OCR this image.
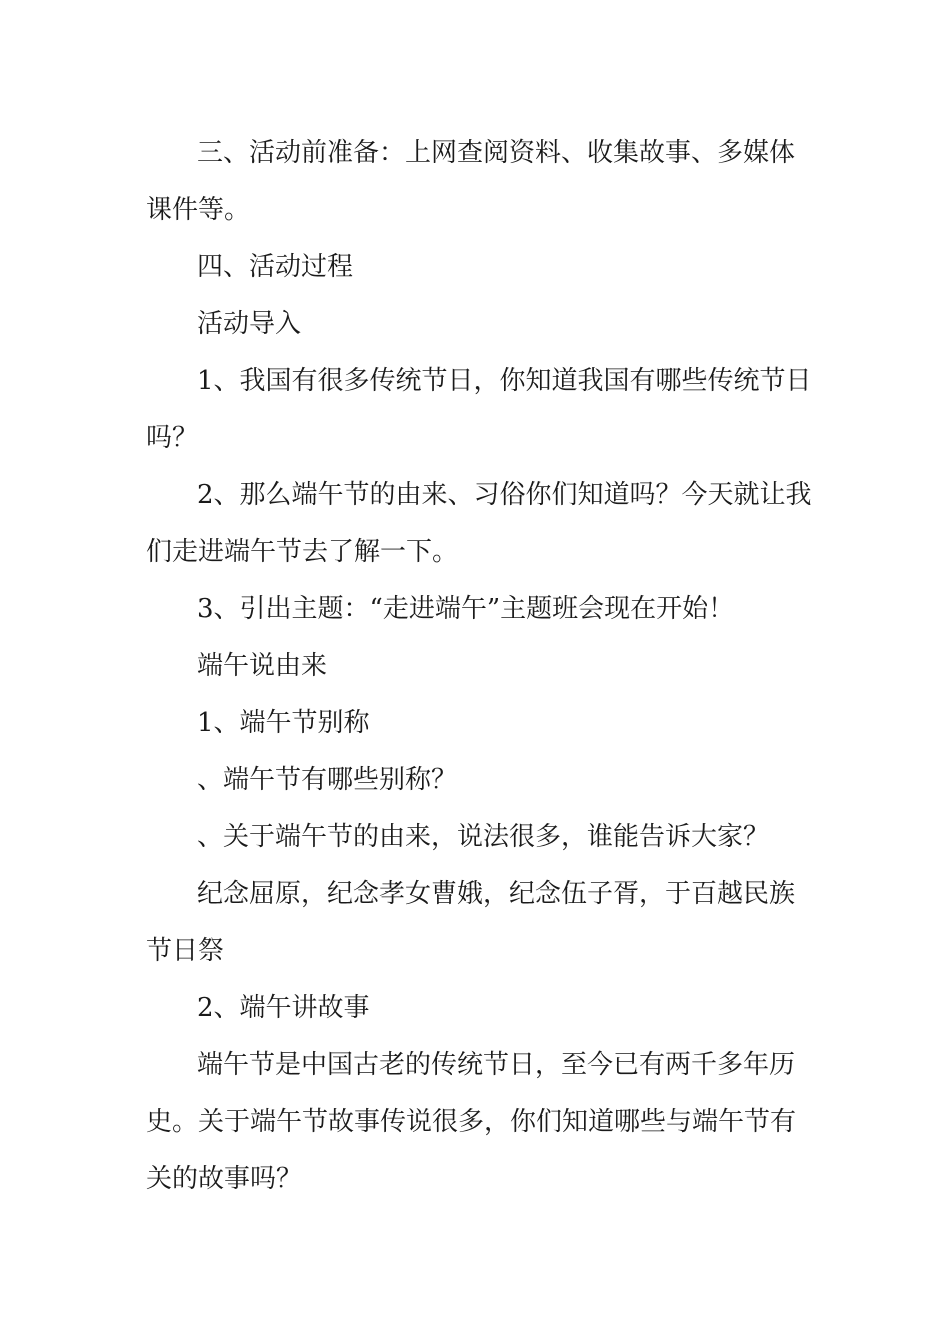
三、活动前准备：上网查阅资料、收集故事、多媒体
课件等。
四、活动过程
活动导入
1、我国有很多传统节日，你知道我国有哪些传统节日
吗？
2、那么端午节的由来、习俗你们知道吗？今天就让我
们走进端午节去了解一下。
3、引出主题：“走进端午”主题班会现在开始！
端午说由来
1、端午节别称
、端午节有哪些别称？
、关于端午节的由来，说法很多，谁能告诉大家？
纪念屈原，纪念孝女曹娥，纪念伍子胥，于百越民族
节日祭
2、端午讲故事
端午节是中国古老的传统节日，至今已有两千多年历
史。关于端午节故事传说很多，你们知道哪些与端午节有
关的故事吗？
